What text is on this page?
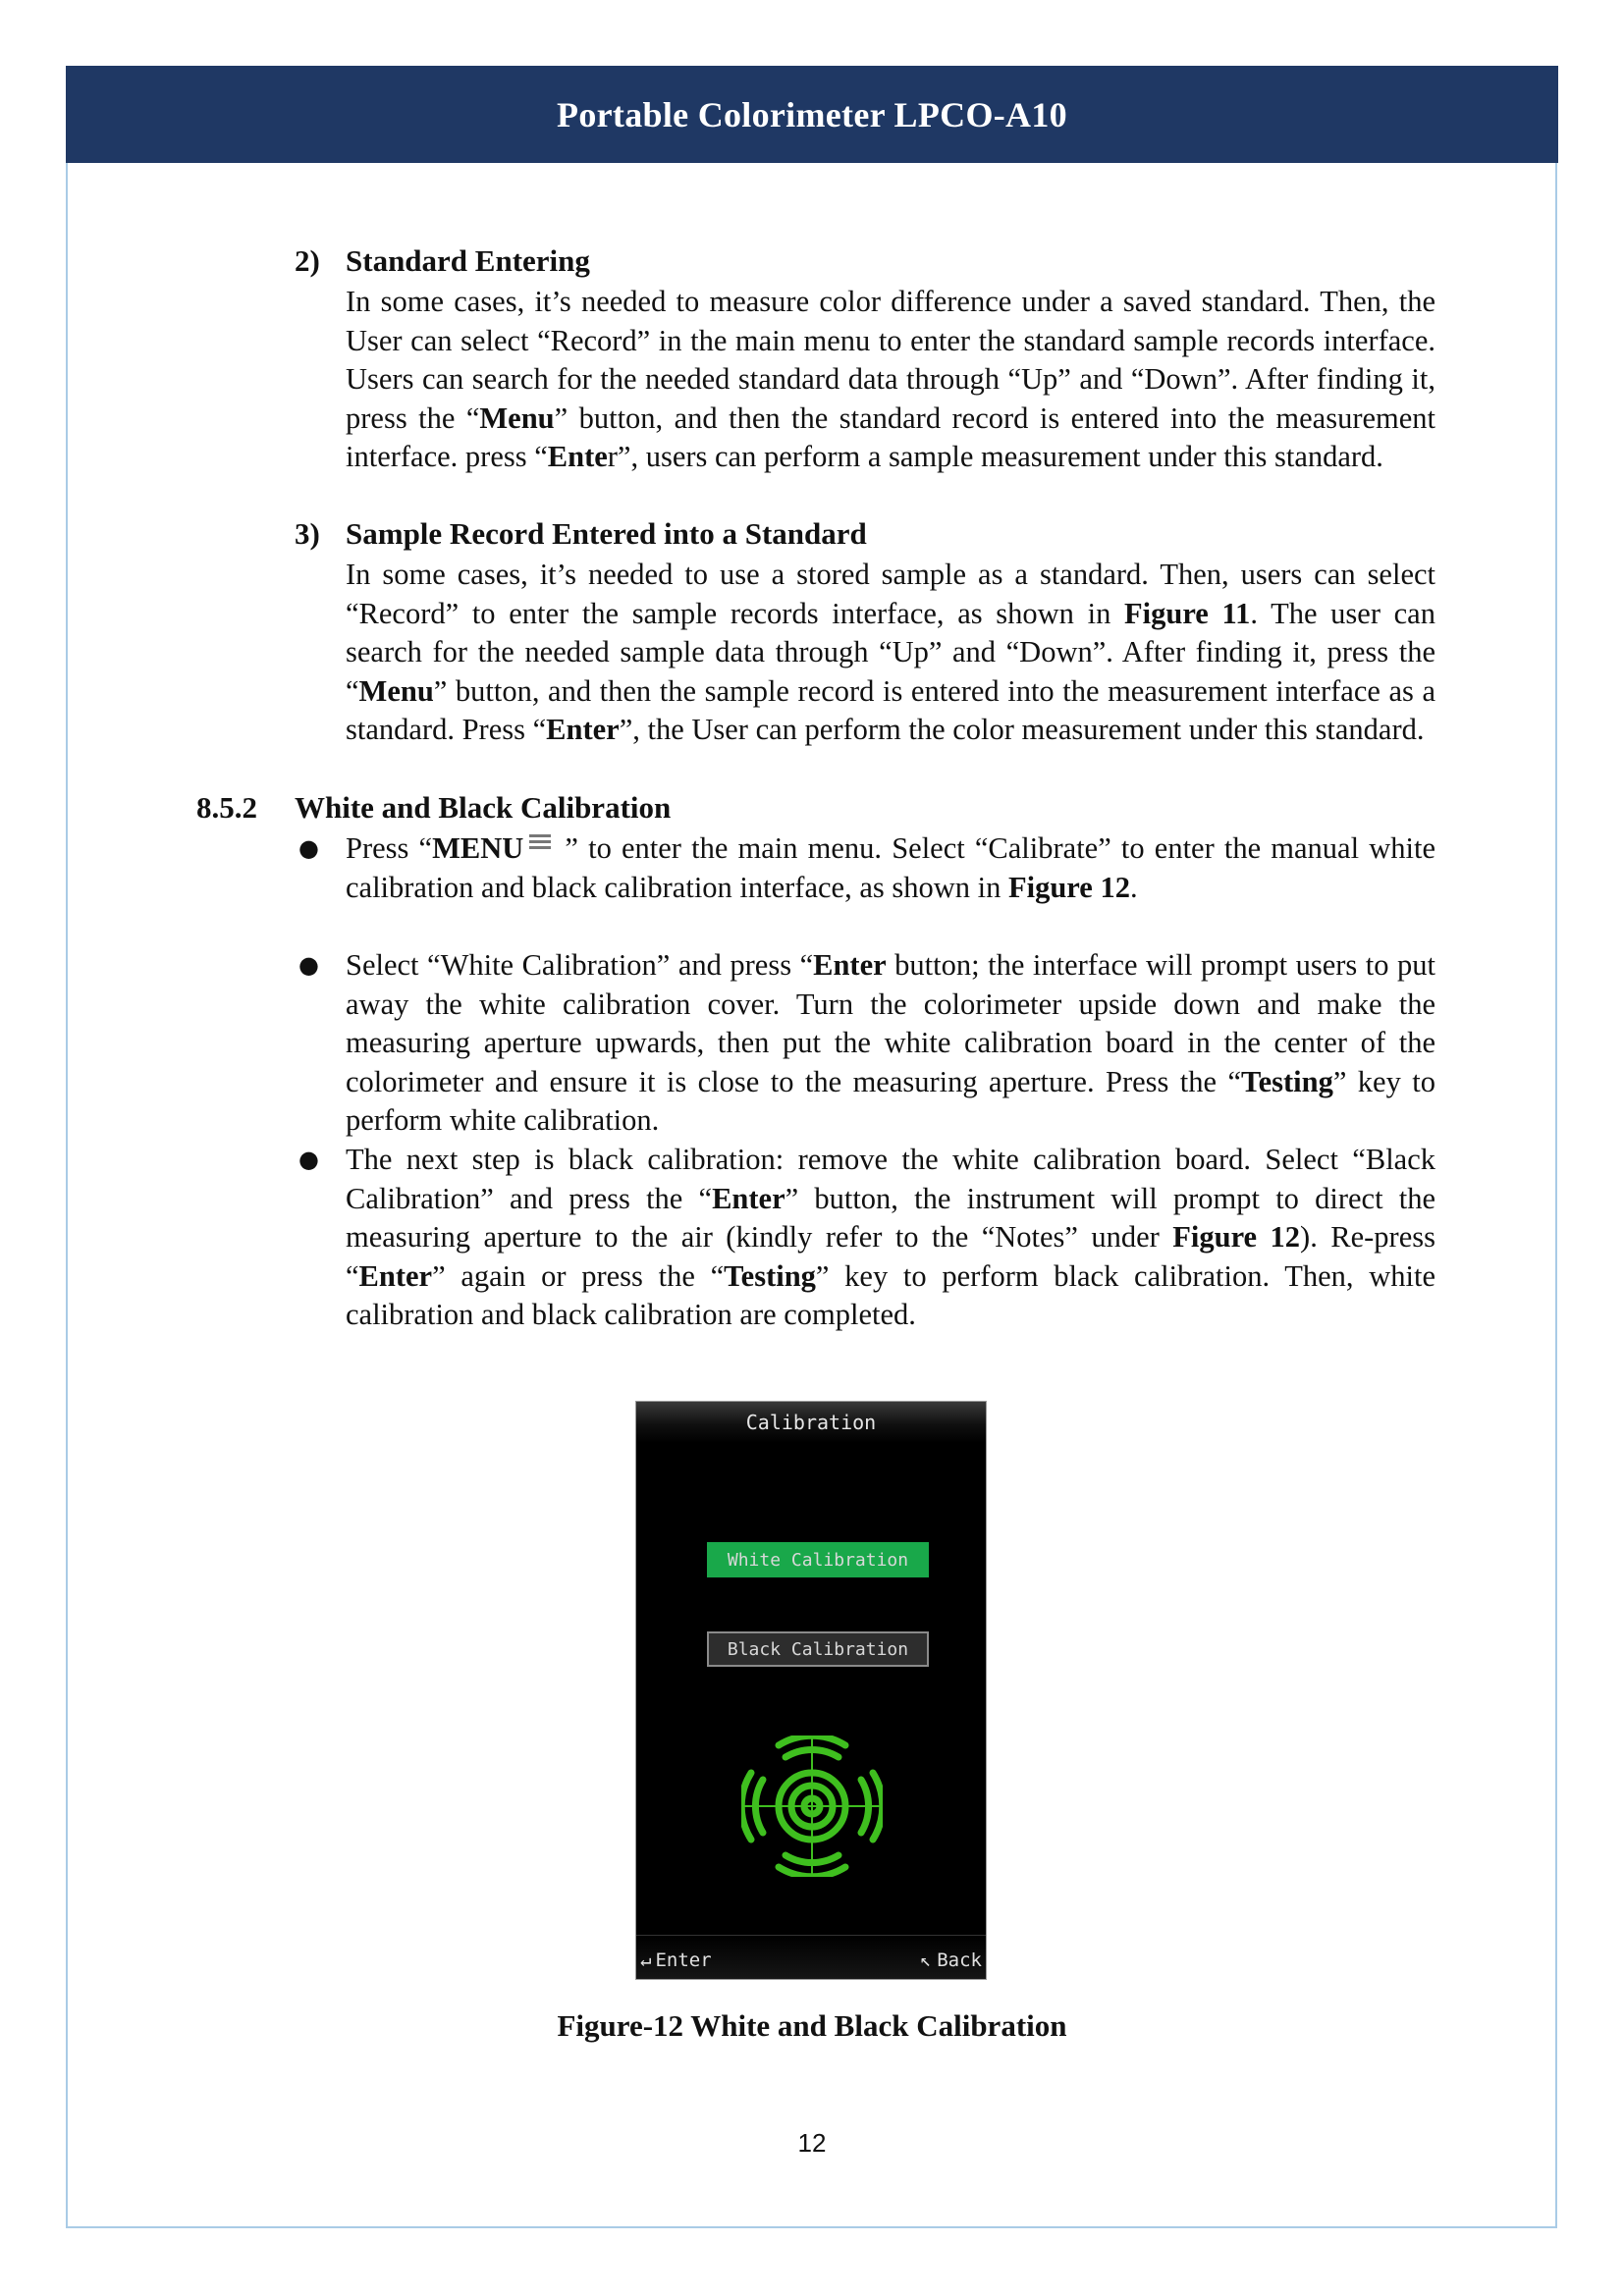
Portable Colorimeter LPCO-A10
2) Standard Entering
In some cases, it’s needed to measure color difference under a saved standard. Then, the User can select “Record” in the main menu to enter the standard sample records interface. Users can search for the needed standard data through “Up” and “Down”. After finding it, press the “Menu” button, and then the standard record is entered into the measurement interface. press “Enter”, users can perform a sample measurement under this standard.
3) Sample Record Entered into a Standard
In some cases, it’s needed to use a stored sample as a standard. Then, users can select “Record” to enter the sample records interface, as shown in Figure 11. The user can search for the needed sample data through “Up” and “Down”. After finding it, press the “Menu” button, and then the sample record is entered into the measurement interface as a standard. Press “Enter”, the User can perform the color measurement under this standard.
8.5.2 White and Black Calibration
● Press “MENU
” to enter the main menu. Select “Calibrate” to enter the manual white calibration and black calibration interface, as shown in Figure 12.
● Select “White Calibration” and press “Enter button; the interface will prompt users to put away the white calibration cover. Turn the colorimeter upside down and make the measuring aperture upwards, then put the white calibration board in the center of the colorimeter and ensure it is close to the measuring aperture. Press the “Testing” key to perform white calibration.
● The next step is black calibration: remove the white calibration board. Select “Black Calibration” and press the “Enter” button, the instrument will prompt to direct the measuring aperture to the air (kindly refer to the “Notes” under Figure 12). Re-press “Enter” again or press the “Testing” key to perform black calibration. Then, white calibration and black calibration are completed.
Calibration
White Calibration
Black Calibration
↵ Enter	↖ Back
Figure-12 White and Black Calibration
12
